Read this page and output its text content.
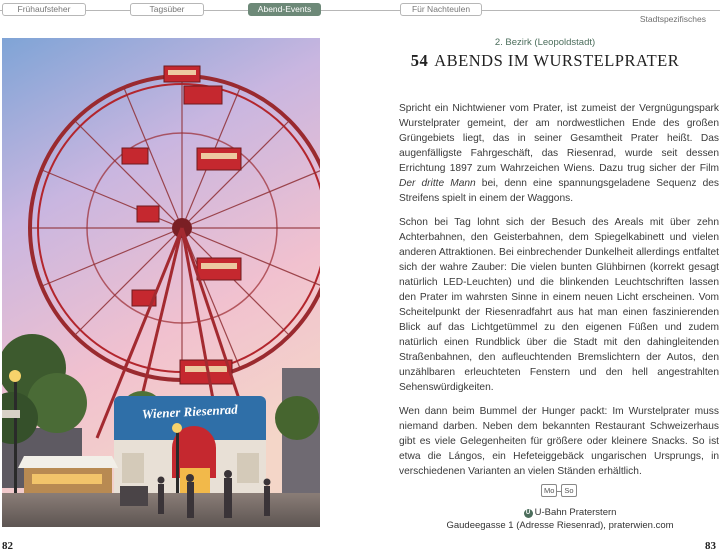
Frühaufsteher	Tagsüber	Abend-Events	Für Nachteulen
Stadtspezifisches
Wiener Riesenrad
2. Bezirk (Leopoldstadt)
54 ABENDS IM WURSTELPRATER

Spricht ein Nichtwiener vom Prater, ist zumeist der Vergnügungspark Wurstelprater gemeint, der am nordwestlichen Ende des großen Grüngebiets liegt, das in seiner Gesamtheit Prater heißt. Das augenfälligste Fahrgeschäft, das Riesenrad, wurde seit dessen Errichtung 1897 zum Wahrzeichen Wiens. Dazu trug sicher der Film Der dritte Mann bei, denn eine spannungsgeladene Sequenz des Streifens spielt in einem der Waggons.

Schon bei Tag lohnt sich der Besuch des Areals mit über zehn Achterbahnen, den Geisterbahnen, dem Spiegelkabinett und vielen anderen Attraktionen. Bei einbrechender Dunkelheit allerdings entfaltet sich der wahre Zauber: Die vielen bunten Glühbirnen (korrekt gesagt natürlich LED-Leuchten) und die blinkenden Leuchtschriften lassen den Prater im wahrsten Sinne in einem neuen Licht erscheinen. Vom Scheitelpunkt der Riesenradfahrt aus hat man einen faszinierenden Blick auf das Lichtgetümmel zu den eigenen Füßen und zudem natürlich einen Rundblick über die Stadt mit den dahingleitenden Straßenbahnen, den aufleuchtenden Bremslichtern der Autos, den unzählbaren erleuchteten Fenstern und den hell angestrahlten Sehenswürdigkeiten.

Wen dann beim Bummel der Hunger packt: Im Wurstelprater muss niemand darben. Neben dem bekannten Restaurant Schweizerhaus gibt es viele Gelegenheiten für größere oder kleinere Snacks. So ist etwa die Lángos, ein Hefeteiggebäck ungarischen Ursprungs, in verschiedenen Varianten an vielen Ständen erhältlich.

Mo So
U U-Bahn Praterstern
Gaudeegasse 1 (Adresse Riesenrad), praterwien.com
82	83
